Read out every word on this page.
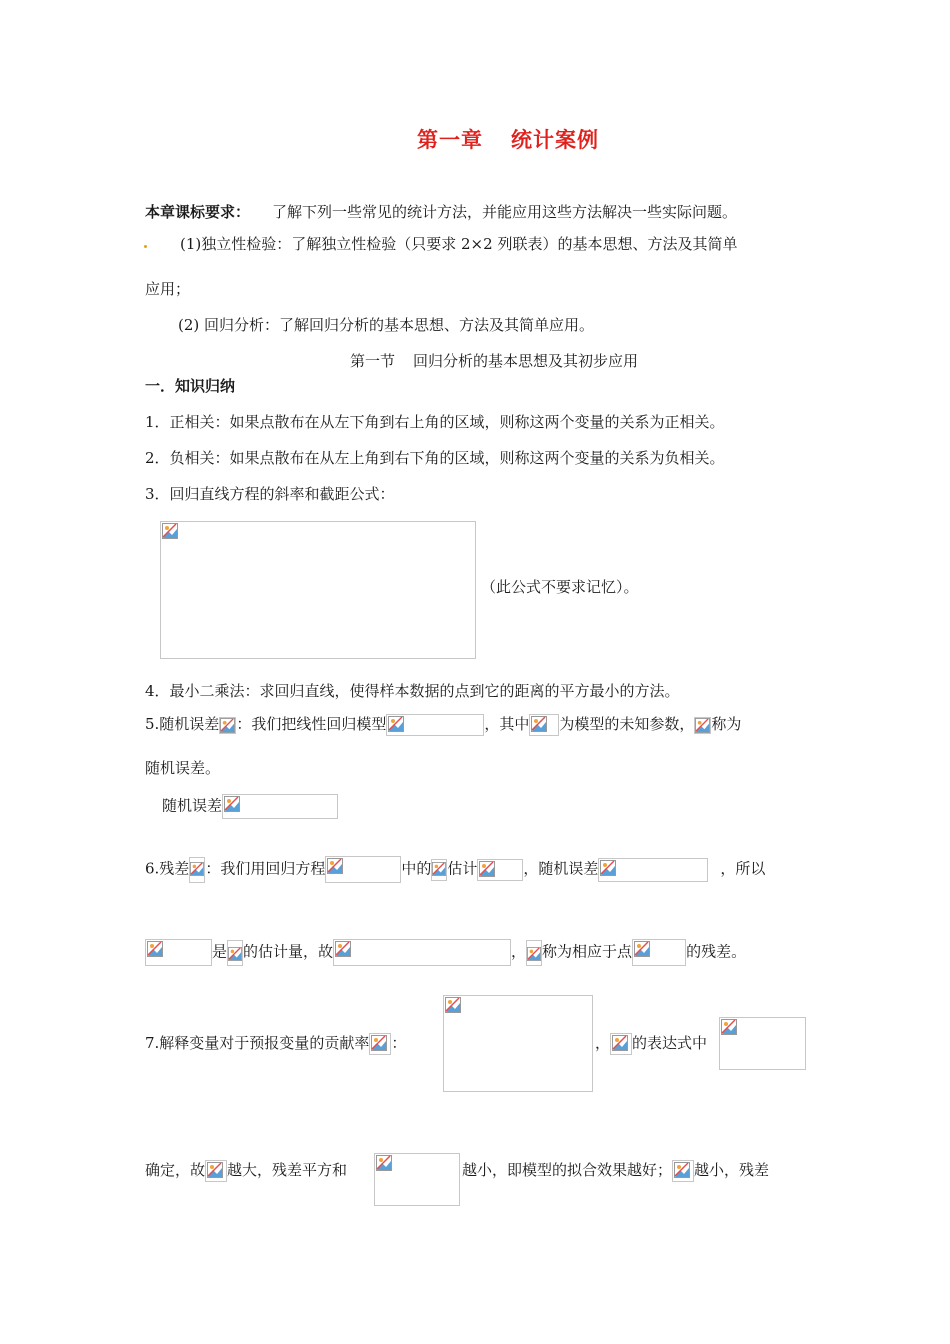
第一章 统计案例
本章课标要求： 了解下列一些常见的统计方法，并能应用这些方法解决一些实际问题。
(1)独立性检验：了解独立性检验（只要求 2×2 列联表）的基本思想、方法及其简单
应用；
(2) 回归分析：了解回归分析的基本思想、方法及其简单应用。
第一节 回归分析的基本思想及其初步应用
一．知识归纳
1．正相关：如果点散布在从左下角到右上角的区域，则称这两个变量的关系为正相关。
2．负相关：如果点散布在从左上角到右下角的区域，则称这两个变量的关系为负相关。
3．回归直线方程的斜率和截距公式：
（此公式不要求记忆）。
4．最小二乘法：求回归直线，使得样本数据的点到它的距离的平方最小的方法。
5.随机误差 ：我们把线性回归模型	，其中 为模型的未知参数， 称为
随机误差。
随机误差
6.残差 ：我们用回归方程	中的 估计	，随机误差	，所以
是 的估计量，故	， 称为相应于点	的残差。
7.解释变量对于预报变量的贡献率 ：	， 的表达式中
确定，故 越大，残差平方和	越小，即模型的拟合效果越好； 越小，残差
